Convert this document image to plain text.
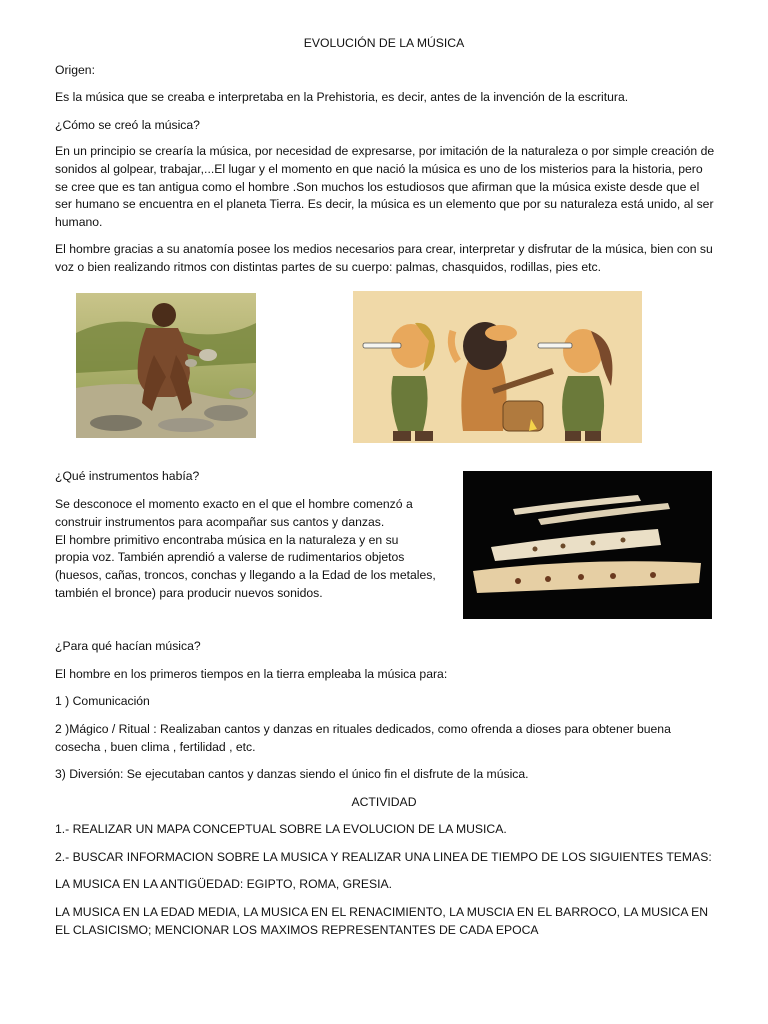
EVOLUCIÓN DE LA MÚSICA

Origen:

Es la música que se creaba e interpretaba en la Prehistoria, es decir, antes de la invención de la escritura.

¿Cómo se creó la música?

En un principio se crearía la música, por necesidad de expresarse, por imitación de la naturaleza o por simple creación de sonidos al golpear, trabajar,...El lugar y el momento en que nació la música es uno de los misterios para la historia, pero se cree que es tan antigua como el hombre .Son muchos los estudiosos que afirman que la música existe desde que el ser humano se encuentra en el planeta Tierra. Es decir, la música es un elemento que por su naturaleza está unido, al ser humano.

El hombre gracias a su anatomía posee los medios necesarios para crear, interpretar y disfrutar de la música, bien con su voz o bien realizando ritmos con distintas partes de su cuerpo: palmas, chasquidos, rodillas, pies etc.

¿Qué instrumentos había?

Se desconoce el momento exacto en el que el hombre comenzó a
construir instrumentos para acompañar sus cantos y danzas.
El hombre primitivo encontraba música en la naturaleza y en su
propia voz. También aprendió a valerse de rudimentarios objetos
(huesos, cañas, troncos, conchas y llegando a la Edad de los metales,
también el bronce) para producir nuevos sonidos.

¿Para qué hacían música?

El hombre en los primeros tiempos en la tierra empleaba la música para:

1 ) Comunicación

2 )Mágico / Ritual : Realizaban cantos y danzas en rituales dedicados, como ofrenda a dioses para obtener buena cosecha , buen clima , fertilidad , etc.

3) Diversión: Se ejecutaban cantos y danzas siendo el único fin el disfrute de la música.

ACTIVIDAD

1.- REALIZAR UN MAPA CONCEPTUAL SOBRE LA EVOLUCION DE LA MUSICA.

2.- BUSCAR INFORMACION SOBRE LA MUSICA Y REALIZAR UNA LINEA DE TIEMPO DE LOS SIGUIENTES TEMAS:

LA MUSICA EN LA ANTIGÜEDAD: EGIPTO, ROMA, GRESIA.

LA MUSICA EN LA EDAD MEDIA, LA MUSICA EN EL RENACIMIENTO, LA MUSCIA EN EL BARROCO, LA MUSICA EN EL CLASICISMO; MENCIONAR LOS MAXIMOS REPRESENTANTES DE CADA EPOCA
